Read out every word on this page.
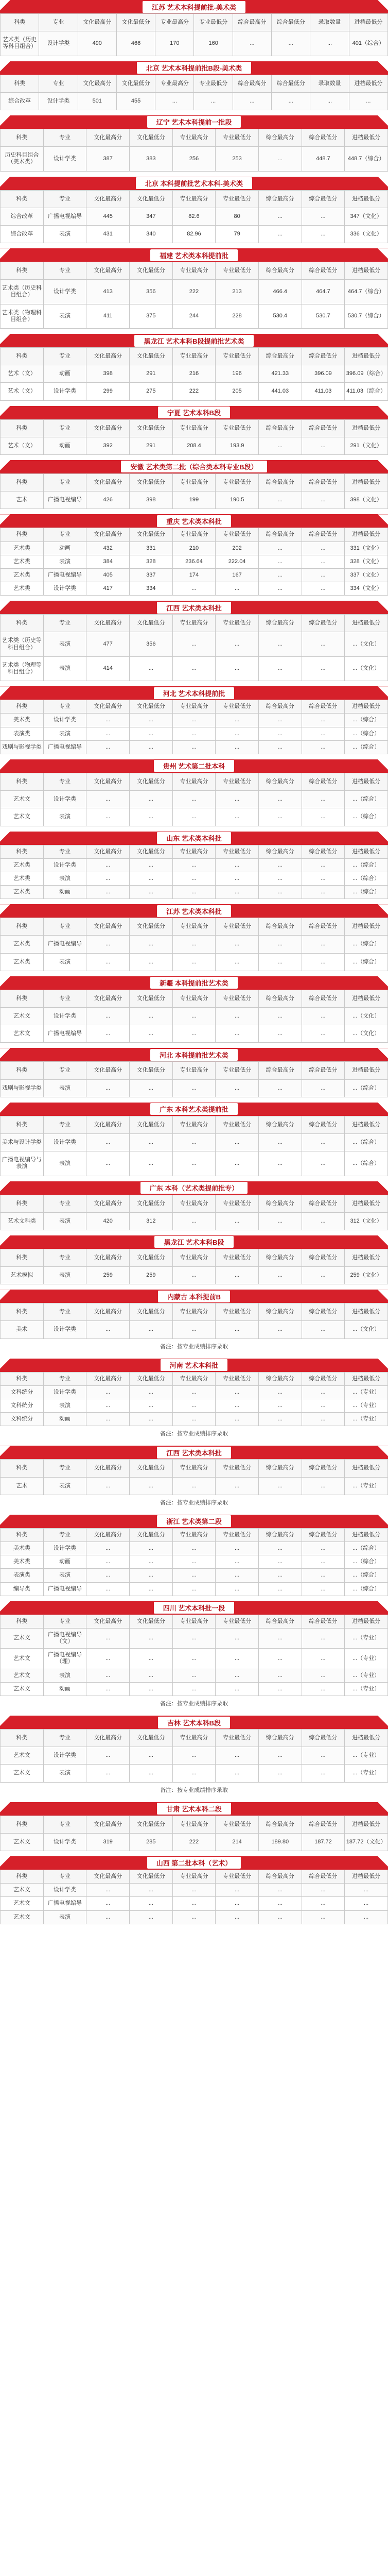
江苏 艺术本科提前批-美术类
科类	专业	文化最高分	文化最低分	专业最高分	专业最低分	综合最高分	综合最低分	录取数量	进档最低分
艺术类（历史等科目组合）	设计学类	490	466	170	160	...	...	...	401（综合）
北京 艺术本科提前批B段-美术类
科类	专业	文化最高分	文化最低分	专业最高分	专业最低分	综合最高分	综合最低分	录取数量	进档最低分
综合改革	设计学类	501	455	...	...	...	...	...	...
辽宁 艺术本科提前一批段
科类	专业	文化最高分	文化最低分	专业最高分	专业最低分	综合最高分	综合最低分	进档最低分
历史科目组合（美术类）	设计学类	387	383	256	253	...	448.7	448.7（综合）
北京 本科提前批艺术本科-美术类
科类	专业	文化最高分	文化最低分	专业最高分	专业最低分	综合最高分	综合最低分	进档最低分
综合改革	广播电视编导	445	347	82.6	80	...	...	347（文化）
综合改革	表演	431	340	82.96	79	...	...	336（文化）
福建 艺术类本科提前批
科类	专业	文化最高分	文化最低分	专业最高分	专业最低分	综合最高分	综合最低分	进档最低分
艺术类（历史科目组合）	设计学类	413	356	222	213	466.4	464.7	464.7（综合）
艺术类（物理科目组合）	表演	411	375	244	228	530.4	530.7	530.7（综合）
黑龙江 艺术本科B段提前批艺术类
科类	专业	文化最高分	文化最低分	专业最高分	专业最低分	综合最高分	综合最低分	进档最低分
艺术（文）	动画	398	291	216	196	421.33	396.09	396.09（综合）
艺术（文）	设计学类	299	275	222	205	441.03	411.03	411.03（综合）
宁夏 艺术本科B段
科类	专业	文化最高分	文化最低分	专业最高分	专业最低分	综合最高分	综合最低分	进档最低分
艺术（文）	动画	392	291	208.4	193.9	...	...	291（文化）
安徽 艺术类第二批（综合类本科专业B段）
科类	专业	文化最高分	文化最低分	专业最高分	专业最低分	综合最高分	综合最低分	进档最低分
艺术	广播电视编导	426	398	199	190.5	...	...	398（文化）
重庆 艺术类本科批
科类	专业	文化最高分	文化最低分	专业最高分	专业最低分	综合最高分	综合最低分	进档最低分
艺术类	动画	432	331	210	202	...	...	331（文化）
艺术类	表演	384	328	236.64	222.04	...	...	328（文化）
艺术类	广播电视编导	405	337	174	167	...	...	337（文化）
艺术类	设计学类	417	334	...	...	...	...	334（文化）
江西 艺术类本科批
科类	专业	文化最高分	文化最低分	专业最高分	专业最低分	综合最高分	综合最低分	进档最低分
艺术类（历史等科目组合）	表演	477	356	...	...	...	...	...（文化）
艺术类（物理等科目组合）	表演	414	...	...	...	...	...	...（文化）
河北 艺术本科提前批
科类	专业	文化最高分	文化最低分	专业最高分	专业最低分	综合最高分	综合最低分	进档最低分
美术类	设计学类	...	...	...	...	...	...	...（综合）
表演类	表演	...	...	...	...	...	...	...（综合）
戏剧与影视学类	广播电视编导	...	...	...	...	...	...	...（综合）
贵州 艺术第二批本科
科类	专业	文化最高分	文化最低分	专业最高分	专业最低分	综合最高分	综合最低分	进档最低分
艺术文	设计学类	...	...	...	...	...	...	...（综合）
艺术文	表演	...	...	...	...	...	...	...（综合）
山东 艺术类本科批
科类	专业	文化最高分	文化最低分	专业最高分	专业最低分	综合最高分	综合最低分	进档最低分
艺术类	设计学类	...	...	...	...	...	...	...（综合）
艺术类	表演	...	...	...	...	...	...	...（综合）
艺术类	动画	...	...	...	...	...	...	...（综合）
江苏 艺术类本科批
科类	专业	文化最高分	文化最低分	专业最高分	专业最低分	综合最高分	综合最低分	进档最低分
艺术类	广播电视编导	...	...	...	...	...	...	...（综合）
艺术类	表演	...	...	...	...	...	...	...（综合）
新疆 本科提前批艺术类
科类	专业	文化最高分	文化最低分	专业最高分	专业最低分	综合最高分	综合最低分	进档最低分
艺术文	设计学类	...	...	...	...	...	...	...（文化）
艺术文	广播电视编导	...	...	...	...	...	...	...（文化）
河北 本科提前批艺术类
科类	专业	文化最高分	文化最低分	专业最高分	专业最低分	综合最高分	综合最低分	进档最低分
戏剧与影视学类	表演	...	...	...	...	...	...	...（综合）
广东 本科艺术类提前批
科类	专业	文化最高分	文化最低分	专业最高分	专业最低分	综合最高分	综合最低分	进档最低分
美术与设计学类	设计学类	...	...	...	...	...	...	...（综合）
广播电视编导与表演	表演	...	...	...	...	...	...	...（综合）
广东 本科（艺术类提前批专）
科类	专业	文化最高分	文化最低分	专业最高分	专业最低分	综合最高分	综合最低分	进档最低分
艺术文科类	表演	420	312	...	...	...	...	312（文化）
黑龙江 艺术本科B段
科类	专业	文化最高分	文化最低分	专业最高分	专业最低分	综合最高分	综合最低分	进档最低分
艺术模拟	表演	259	259	...	...	...	...	259（文化）
内蒙古 本科提前B
科类	专业	文化最高分	文化最低分	专业最高分	专业最低分	综合最高分	综合最低分	进档最低分
美术	设计学类	...	...	...	...	...	...	...（文化）
备注：按专业成绩排序录取
河南 艺术本科批
科类	专业	文化最高分	文化最低分	专业最高分	专业最低分	综合最高分	综合最低分	进档最低分
文科统分	设计学类	...	...	...	...	...	...	...（专业）
文科统分	表演	...	...	...	...	...	...	...（专业）
文科统分	动画	...	...	...	...	...	...	...（专业）
备注：按专业成绩排序录取
江西 艺术类本科批
科类	专业	文化最高分	文化最低分	专业最高分	专业最低分	综合最高分	综合最低分	进档最低分
艺术	表演	...	...	...	...	...	...	...（专业）
备注：按专业成绩排序录取
浙江 艺术类第二段
科类	专业	文化最高分	文化最低分	专业最高分	专业最低分	综合最高分	综合最低分	进档最低分
美术类	设计学类	...	...	...	...	...	...	...（综合）
美术类	动画	...	...	...	...	...	...	...（综合）
表演类	表演	...	...	...	...	...	...	...（综合）
编导类	广播电视编导	...	...	...	...	...	...	...（综合）
四川 艺术本科批一段
科类	专业	文化最高分	文化最低分	专业最高分	专业最低分	综合最高分	综合最低分	进档最低分
艺术文	广播电视编导（文）	...	...	...	...	...	...	...（专业）
艺术文	广播电视编导（理）	...	...	...	...	...	...	...（专业）
艺术文	表演	...	...	...	...	...	...	...（专业）
艺术文	动画	...	...	...	...	...	...	...（专业）
备注：按专业成绩排序录取
吉林 艺术本科B段
科类	专业	文化最高分	文化最低分	专业最高分	专业最低分	综合最高分	综合最低分	进档最低分
艺术文	设计学类	...	...	...	...	...	...	...（专业）
艺术文	表演	...	...	...	...	...	...	...（专业）
备注：按专业成绩排序录取
甘肃 艺术本科二段
科类	专业	文化最高分	文化最低分	专业最高分	专业最低分	综合最高分	综合最低分	进档最低分
艺术文	设计学类	319	285	222	214	189.80	187.72	187.72（文化）
山西 第二批本科（艺术）
科类	专业	文化最高分	文化最低分	专业最高分	专业最低分	综合最高分	综合最低分	进档最低分
艺术文	设计学类	...	...	...	...	...	...	...
艺术文	广播电视编导	...	...	...	...	...	...	...
艺术文	表演	...	...	...	...	...	...	...
